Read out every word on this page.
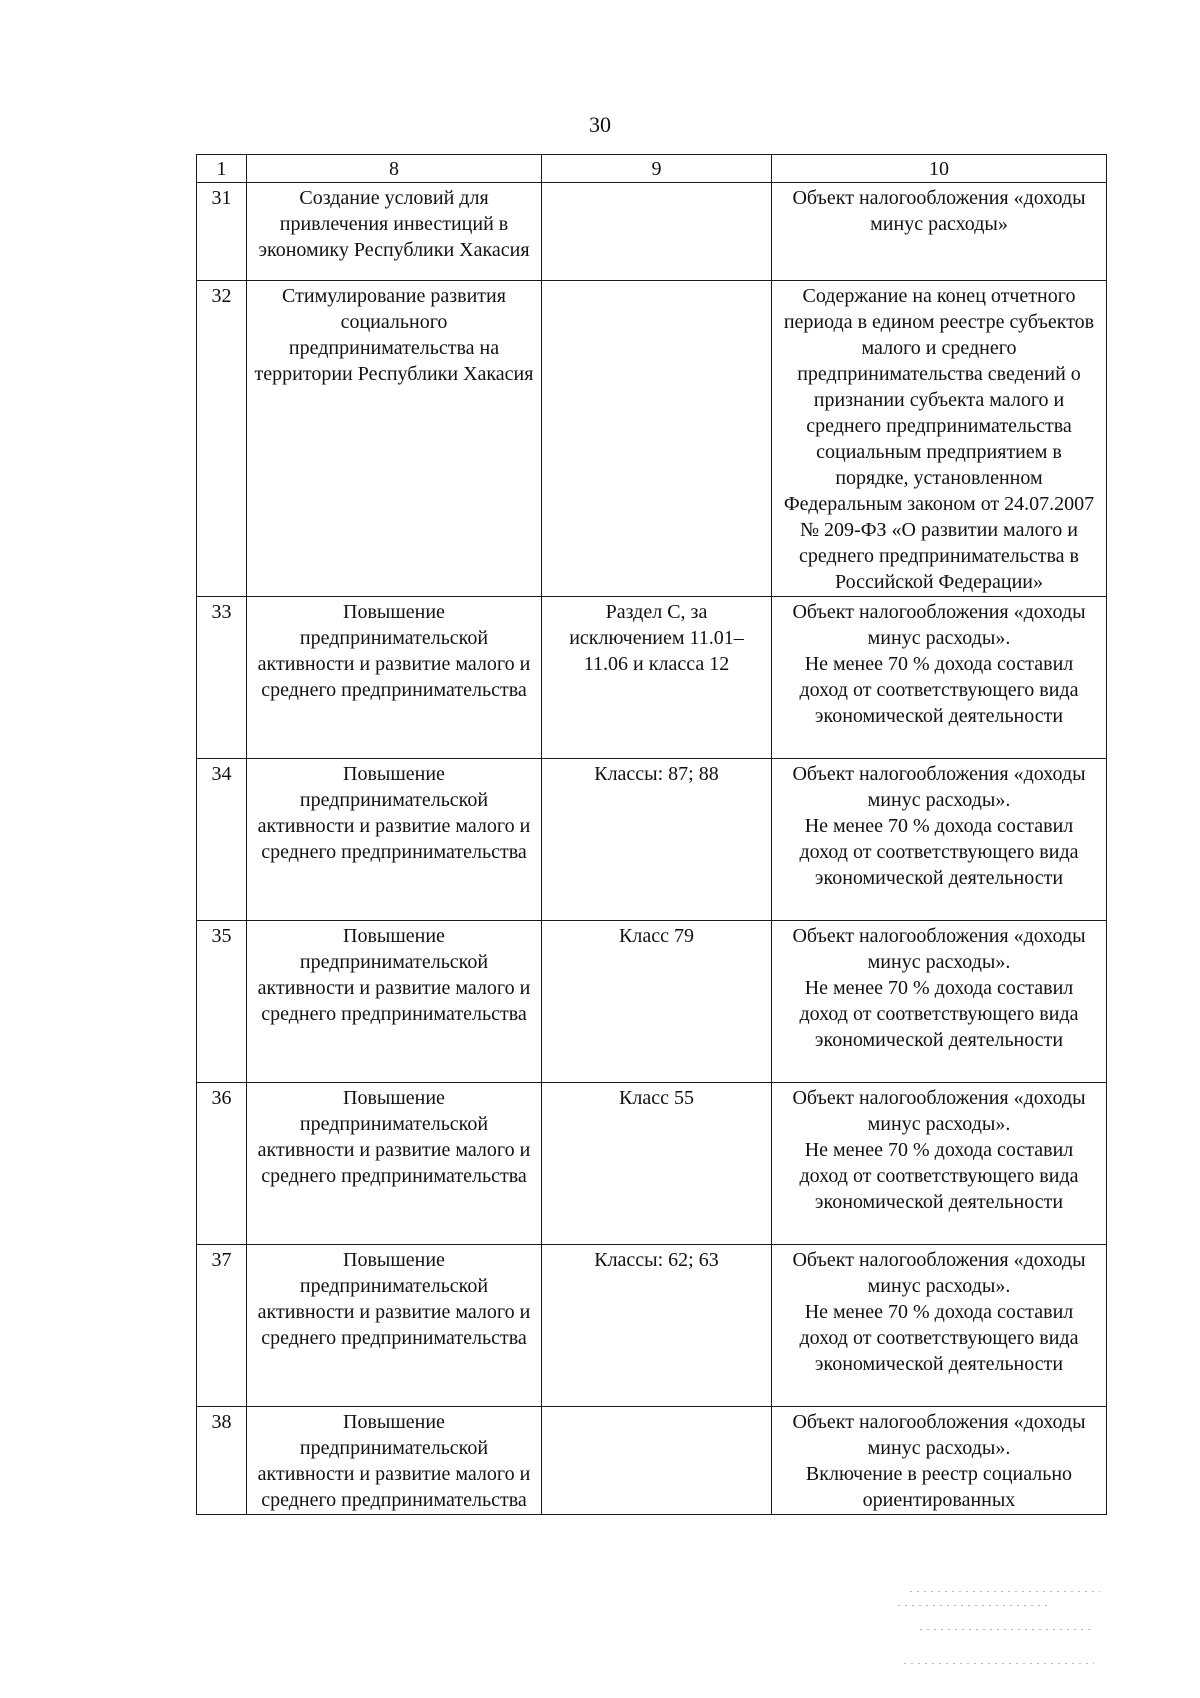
30
1	8	9	10
31	Создание условий для привлечения инвестиций в экономику Республики Хакасия		Объект налогообложения «доходы минус расходы»
32	Стимулирование развития социального предпринимательства на территории Республики Хакасия		Содержание на конец отчетного периода в едином реестре субъектов малого и среднего предпринимательства сведений о признании субъекта малого и среднего предпринимательства социальным предприятием в порядке, установленном Федеральным законом от 24.07.2007 № 209-ФЗ «О развитии малого и среднего предпринимательства в Российской Федерации»
33	Повышение предпринимательской активности и развитие малого и среднего предпринимательства	Раздел C, за исключением 11.01–11.06 и класса 12	Объект налогообложения «доходы минус расходы».
Не менее 70 % дохода составил доход от соответствующего вида экономической деятельности
34	Повышение предпринимательской активности и развитие малого и среднего предпринимательства	Классы: 87; 88	Объект налогообложения «доходы минус расходы».
Не менее 70 % дохода составил доход от соответствующего вида экономической деятельности
35	Повышение предпринимательской активности и развитие малого и среднего предпринимательства	Класс 79	Объект налогообложения «доходы минус расходы».
Не менее 70 % дохода составил доход от соответствующего вида экономической деятельности
36	Повышение предпринимательской активности и развитие малого и среднего предпринимательства	Класс 55	Объект налогообложения «доходы минус расходы».
Не менее 70 % дохода составил доход от соответствующего вида экономической деятельности
37	Повышение предпринимательской активности и развитие малого и среднего предпринимательства	Классы: 62; 63	Объект налогообложения «доходы минус расходы».
Не менее 70 % дохода составил доход от соответствующего вида экономической деятельности
38	Повышение предпринимательской активности и развитие малого и среднего предпринимательства		Объект налогообложения «доходы минус расходы».
Включение в реестр социально ориентированных
